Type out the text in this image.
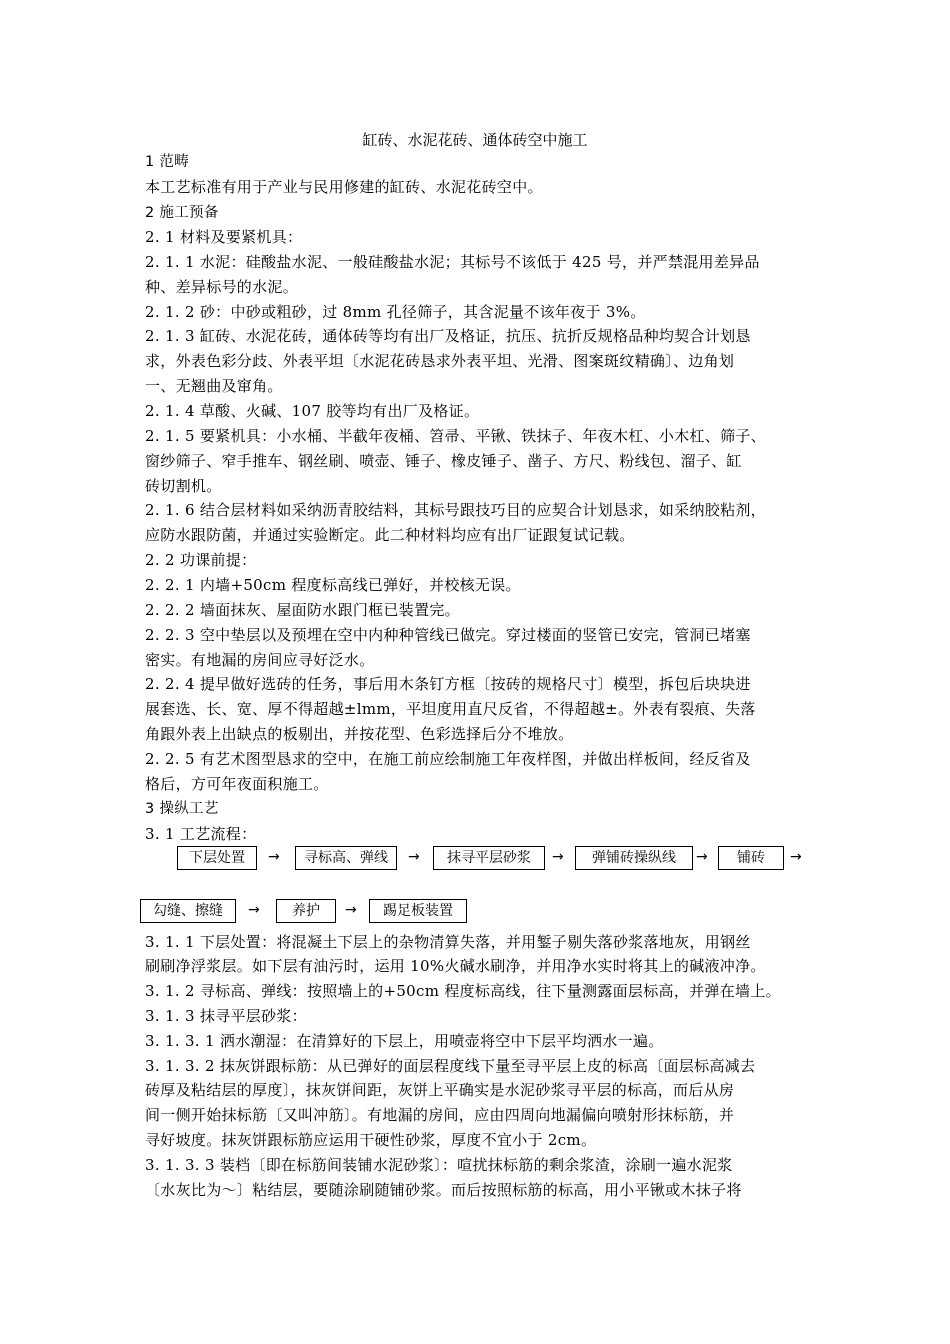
缸砖、水泥花砖、通体砖空中施工
1 范畴
本工艺标准有用于产业与民用修建的缸砖、水泥花砖空中。
2 施工预备
2. 1 材料及要紧机具：
2. 1. 1 水泥：硅酸盐水泥、一般硅酸盐水泥；其标号不该低于 425 号，并严禁混用差异品
种、差异标号的水泥。
2. 1. 2 砂：中砂或粗砂，过 8mm 孔径筛子，其含泥量不该年夜于 3%。
2. 1. 3 缸砖、水泥花砖，通体砖等均有出厂及格证，抗压、抗折反规格品种均契合计划恳
求，外表色彩分歧、外表平坦〔水泥花砖恳求外表平坦、光滑、图案斑纹精确〕、边角划
一、无翘曲及窜角。
2. 1. 4 草酸、火碱、107 胶等均有出厂及格证。
2. 1. 5 要紧机具：小水桶、半截年夜桶、笤帚、平锹、铁抹子、年夜木杠、小木杠、筛子、
窗纱筛子、窄手推车、钢丝刷、喷壶、锤子、橡皮锤子、凿子、方尺、粉线包、溜子、缸
砖切割机。
2. 1. 6 结合层材料如采纳沥青胶结料，其标号跟技巧目的应契合计划恳求，如采纳胶粘剂，
应防水跟防菌，并通过实验断定。此二种材料均应有出厂证跟复试记载。
2. 2 功课前提：
2. 2. 1 内墙+50cm 程度标高线已弹好，并校核无误。
2. 2. 2 墙面抹灰、屋面防水跟门框已装置完。
2. 2. 3 空中垫层以及预埋在空中内种种管线已做完。穿过楼面的竖管已安完，管洞已堵塞
密实。有地漏的房间应寻好泛水。
2. 2. 4 提早做好选砖的任务，事后用木条钉方框〔按砖的规格尺寸〕模型，拆包后块块进
展套选、长、宽、厚不得超越±lmm，平坦度用直尺反省，不得超越±。外表有裂痕、失落
角跟外表上出缺点的板剔出，并按花型、色彩选择后分不堆放。
2. 2. 5 有艺术图型恳求的空中，在施工前应绘制施工年夜样图，并做出样板间，经反省及
格后，方可年夜面积施工。
3 操纵工艺
3. 1 工艺流程：
下层处置	→	寻标高、弹线	→	抹寻平层砂浆	→	弹铺砖操纵线	→	铺砖	→
勾缝、擦缝	→	养护	→	踢足板装置
3. 1. 1 下层处置：将混凝土下层上的杂物清算失落，并用錾子剔失落砂浆落地灰，用钢丝
刷刷净浮浆层。如下层有油污时，运用 10%火碱水刷净，并用净水实时将其上的碱液冲净。
3. 1. 2 寻标高、弹线：按照墙上的+50cm 程度标高线，往下量测露面层标高，并弹在墙上。
3. 1. 3 抹寻平层砂浆：
3. 1. 3. 1 洒水潮湿：在清算好的下层上，用喷壶将空中下层平均洒水一遍。
3. 1. 3. 2 抹灰饼跟标筋：从已弹好的面层程度线下量至寻平层上皮的标高〔面层标高减去
砖厚及粘结层的厚度〕，抹灰饼间距，灰饼上平确实是水泥砂浆寻平层的标高，而后从房
间一侧开始抹标筋〔又叫冲筋〕。有地漏的房间，应由四周向地漏偏向喷射形抹标筋，并
寻好坡度。抹灰饼跟标筋应运用干硬性砂浆，厚度不宜小于 2cm。
3. 1. 3. 3 装档〔即在标筋间装铺水泥砂浆〕：喧扰抹标筋的剩余浆渣，涂刷一遍水泥浆
〔水灰比为～〕粘结层，要随涂刷随铺砂浆。而后按照标筋的标高，用小平锹或木抹子将
